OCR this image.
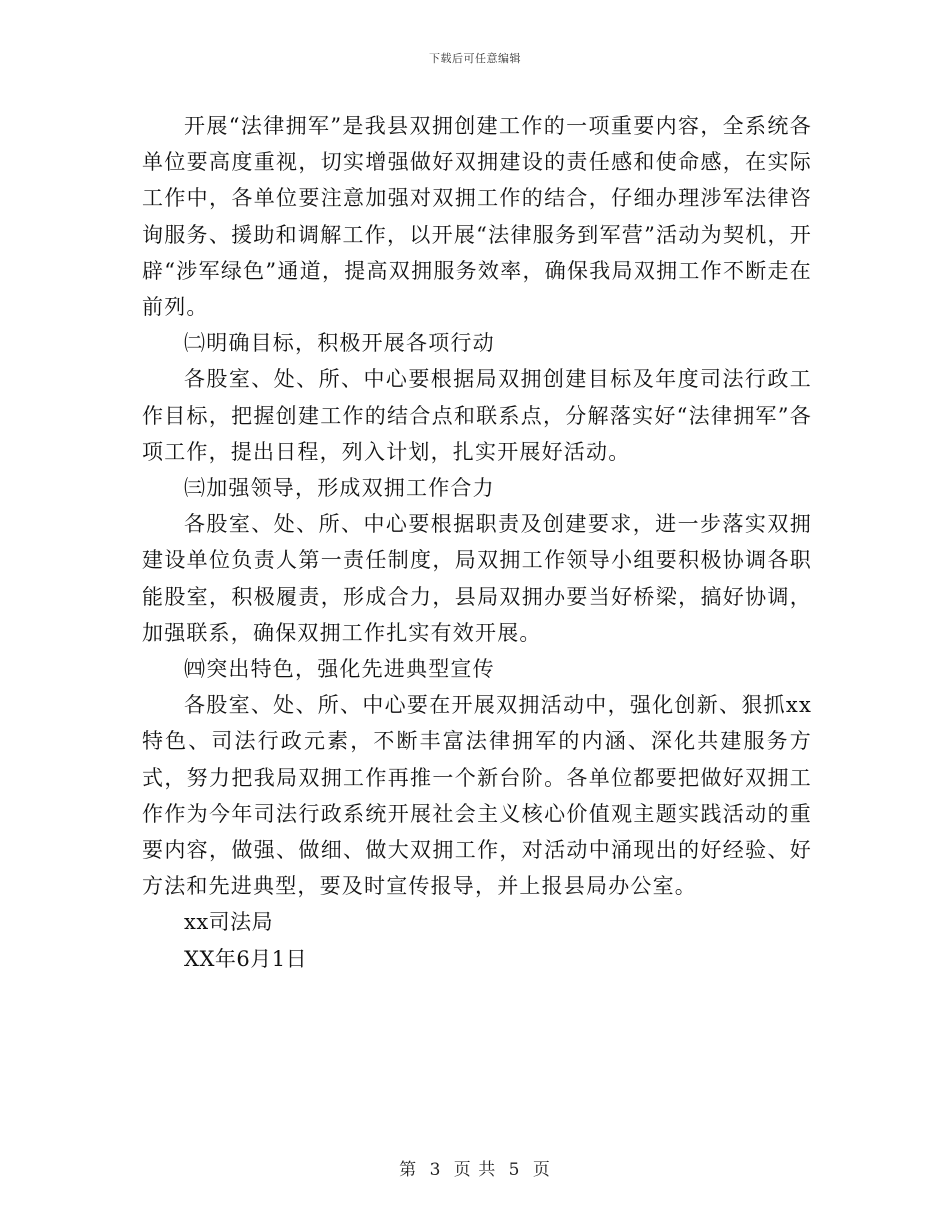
下载后可任意编辑

开展“法律拥军”是我县双拥创建工作的一项重要内容，全系统各单位要高度重视，切实增强做好双拥建设的责任感和使命感，在实际工作中，各单位要注意加强对双拥工作的结合，仔细办理涉军法律咨询服务、援助和调解工作，以开展“法律服务到军营”活动为契机，开辟“涉军绿色”通道，提高双拥服务效率，确保我局双拥工作不断走在前列。

㈡明确目标，积极开展各项行动

各股室、处、所、中心要根据局双拥创建目标及年度司法行政工作目标，把握创建工作的结合点和联系点，分解落实好“法律拥军”各项工作，提出日程，列入计划，扎实开展好活动。

㈢加强领导，形成双拥工作合力

各股室、处、所、中心要根据职责及创建要求，进一步落实双拥建设单位负责人第一责任制度，局双拥工作领导小组要积极协调各职能股室，积极履责，形成合力，县局双拥办要当好桥梁，搞好协调，加强联系，确保双拥工作扎实有效开展。

㈣突出特色，强化先进典型宣传

各股室、处、所、中心要在开展双拥活动中，强化创新、狠抓xx特色、司法行政元素，不断丰富法律拥军的内涵、深化共建服务方式，努力把我局双拥工作再推一个新台阶。各单位都要把做好双拥工作作为今年司法行政系统开展社会主义核心价值观主题实践活动的重要内容，做强、做细、做大双拥工作，对活动中涌现出的好经验、好方法和先进典型，要及时宣传报导，并上报县局办公室。

xx司法局

XX年6月1日

第 3 页 共 5 页
